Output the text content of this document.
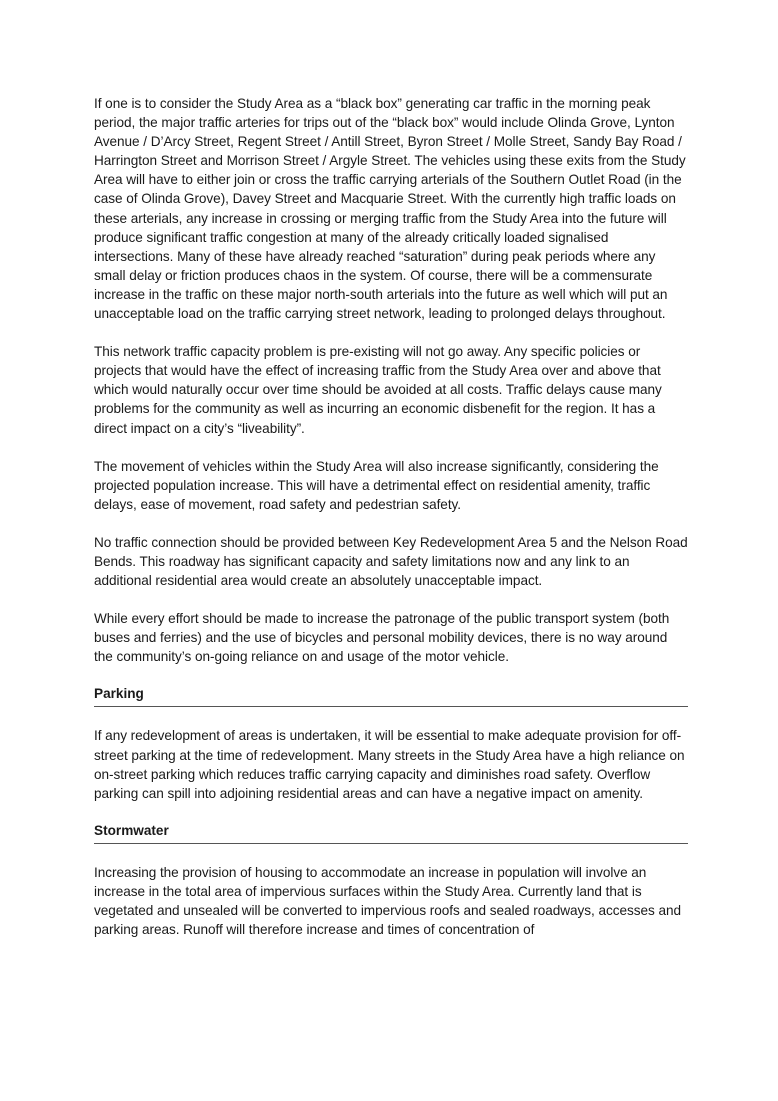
If one is to consider the Study Area as a “black box” generating car traffic in the morning peak period, the major traffic arteries for trips out of the “black box” would include Olinda Grove, Lynton Avenue / D’Arcy Street, Regent Street / Antill Street, Byron Street / Molle Street, Sandy Bay Road / Harrington Street and Morrison Street / Argyle Street. The vehicles using these exits from the Study Area will have to either join or cross the traffic carrying arterials of the Southern Outlet Road (in the case of Olinda Grove), Davey Street and Macquarie Street. With the currently high traffic loads on these arterials, any increase in crossing or merging traffic from the Study Area into the future will produce significant traffic congestion at many of the already critically loaded signalised intersections. Many of these have already reached “saturation” during peak periods where any small delay or friction produces chaos in the system. Of course, there will be a commensurate increase in the traffic on these major north-south arterials into the future as well which will put an unacceptable load on the traffic carrying street network, leading to prolonged delays throughout.

This network traffic capacity problem is pre-existing will not go away. Any specific policies or projects that would have the effect of increasing traffic from the Study Area over and above that which would naturally occur over time should be avoided at all costs. Traffic delays cause many problems for the community as well as incurring an economic disbenefit for the region. It has a direct impact on a city’s “liveability”.

The movement of vehicles within the Study Area will also increase significantly, considering the projected population increase. This will have a detrimental effect on residential amenity, traffic delays, ease of movement, road safety and pedestrian safety.

No traffic connection should be provided between Key Redevelopment Area 5 and the Nelson Road Bends. This roadway has significant capacity and safety limitations now and any link to an additional residential area would create an absolutely unacceptable impact.

While every effort should be made to increase the patronage of the public transport system (both buses and ferries) and the use of bicycles and personal mobility devices, there is no way around the community’s on-going reliance on and usage of the motor vehicle.

Parking

If any redevelopment of areas is undertaken, it will be essential to make adequate provision for off-street parking at the time of redevelopment. Many streets in the Study Area have a high reliance on on-street parking which reduces traffic carrying capacity and diminishes road safety. Overflow parking can spill into adjoining residential areas and can have a negative impact on amenity.

Stormwater

Increasing the provision of housing to accommodate an increase in population will involve an increase in the total area of impervious surfaces within the Study Area. Currently land that is vegetated and unsealed will be converted to impervious roofs and sealed roadways, accesses and parking areas. Runoff will therefore increase and times of concentration of
